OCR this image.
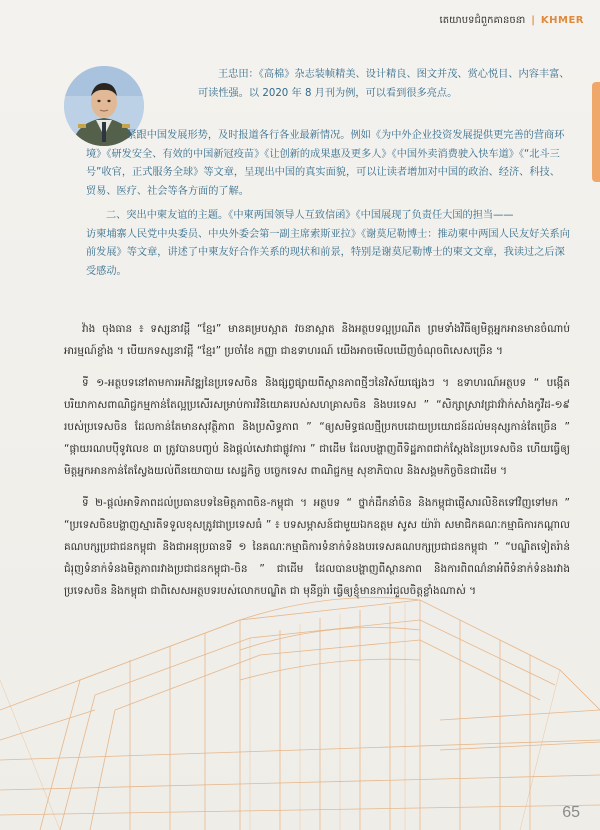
តេយាបទជំពួកគានចនា | KHMER

王忠田：《高棉》杂志装帧精美、设计精良、图文并茂、赏心悦目、内容丰富、可读性强。以 2020 年 8 月刊为例，可以看到很多亮点。

一、紧跟中国发展形势，及时报道各行各业最新情况。例如《为中外企业投资发展提供更完善的营商环境》《研发安全、有效的中国新冠疫苗》《让创新的成果惠及更多人》《中国外卖消费驶入快车道》《“北斗三号”收官，正式服务全球》等文章，呈现出中国的真实面貌，可以让读者增加对中国的政治、经济、科技、贸易、医疗、社会等各方面的了解。

二、突出中柬友谊的主题。《中柬两国领导人互致信函》《中国展现了负责任大国的担当——

访柬埔寨人民党中央委员、中央外委会第一副主席索斯亚拉》《谢莫尼勒博士：推动柬中两国人民友好关系向前发展》等文章，讲述了中柬友好合作关系的现状和前景，特别是谢莫尼勒博士的柬文文章，我读过之后深受感动。

វ៉ាង ចុងធាន ៖ ទស្សនាវដ្ដី “ខ្មែរ” មានគម្របស្អាត វចនាស្អាត និងអត្ថបទល្អប្រណីត ព្រមទាំងវិធីឲ្យមិត្តអ្នកអានមានចំណាប់អារម្មណ៍ខ្លាំង ។ បើយកទស្សនាវដ្ដី “ខ្មែរ” ប្រចាំខែ កញ្ញា ជាឧទាហរណ៍ យើងអាចមើលឃើញចំណុចពិសេសច្រើន ។

ទី ១-អត្ថបទនៅតាមការអភិវឌ្ឍនៃប្រទេសចិន និងផ្សព្វផ្សាយពីស្ថានភាពថ្មីៗនៃវិស័យផ្សេងៗ ។ ឧទាហរណ៍អត្ថបទ “ បង្កើតបរិយាកាសពាណិជ្ជកម្មកាន់តែល្អប្រសើរសម្រាប់ការវិនិយោគរបស់សហគ្រាសចិន និងបរទេស ” “សិក្សាស្រាវជ្រាវវ៉ាក់សាំងកូវីដ-១៩ របស់ប្រទេសចិន ដែលកាន់តែមានសុវត្ថិភាព និងប្រសិទ្ធភាព ” “ឲ្យសមិទ្ធផលថ្មីប្រកបដោយប្រយោជន៍ដល់មនុស្សកាន់តែច្រើន ” “ផ្កាយរណបប៉ីទូវលេខ ៣ ត្រូវបានបញ្ចប់ និងផ្ដល់សេវាជាផ្លូវការ ” ជាដើម ដែលបង្ហាញពីទិដ្ឋភាពជាក់ស្ដែងនៃប្រទេសចិន ហើយធ្វើឲ្យមិត្តអ្នកអានកាន់តែស្វែងយល់ពីនយោបាយ សេដ្ឋកិច្ច បច្ចេកទេស ពាណិជ្ជកម្ម សុខាភិបាល និងសង្គមកិច្ចចិនជាដើម ។

ទី ២-ផ្ដល់អាទិភាពដល់ប្រធានបទនៃមិត្តភាពចិន-កម្ពុជា ។ អត្ថបទ “ ថ្នាក់ដឹកនាំចិន និងកម្ពុជាផ្ញើសារលិខិតទៅវិញទៅមក ” “ប្រទេសចិនបង្ហាញស្មារតីទទួលខុសត្រូវជាប្រទេសធំ ” ៖ បទសម្ភាសន៍ជាមួយឯកឧត្តម សូស យ៉ារ៉ា សមាជិកគណៈកម្មាធិការកណ្ដាលគណបក្សប្រជាជនកម្ពុជា និងជាអនុប្រធានទី ១ នៃគណៈកម្មាធិការទំនាក់ទំនងបរទេសគណបក្សប្រជាជនកម្ពុជា ” “បណ្ឌិតទៀតរ៉ាន់ជំរុញទំនាក់ទំនងមិត្តភាពរវាងប្រជាជនកម្ពុជា-ចិន ” ជាដើម ដែលបានបង្ហាញពីស្ថានភាព និងការពិពណ៌នាអំពីទំនាក់ទំនងរវាងប្រទេសចិន និងកម្ពុជា ជាពិសេសអត្ថបទរបស់លោកបណ្ឌិត ជា មុនីច្ឆរ៉ា ធ្វើឲ្យខ្ញុំមានការរំជួលចិត្តខ្លាំងណាស់ ។

65
